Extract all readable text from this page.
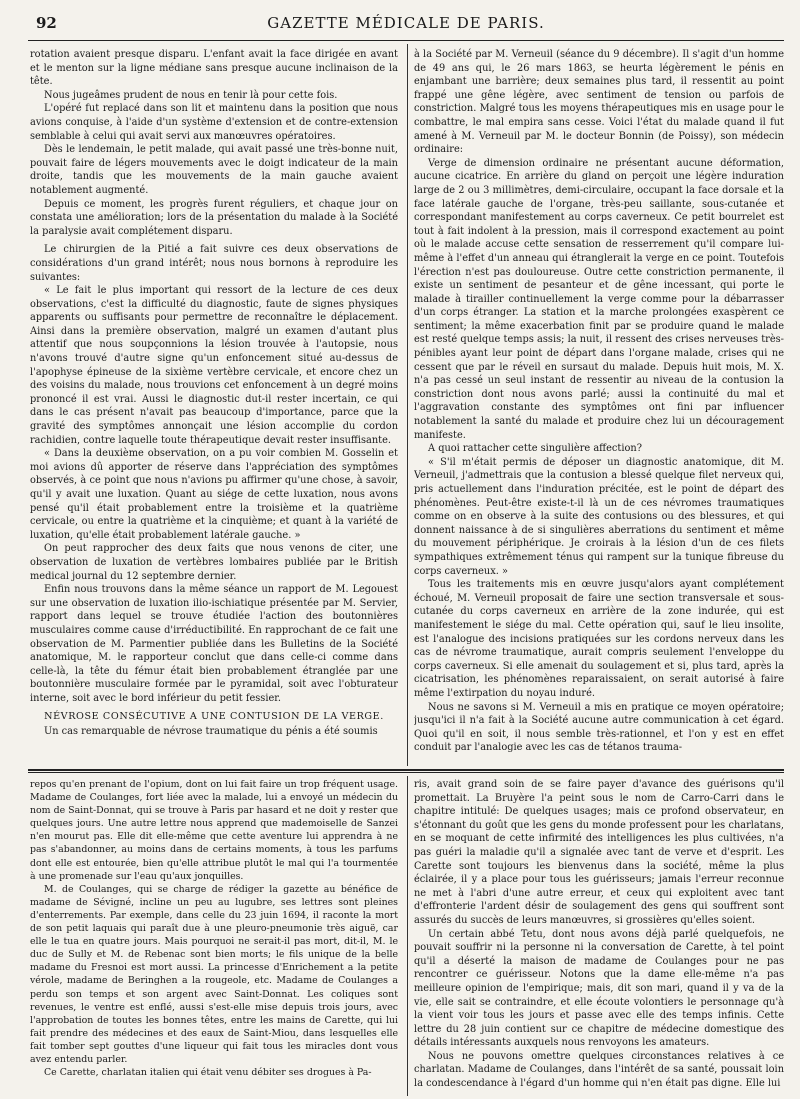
92	GAZETTE MÉDICALE DE PARIS.

rotation avaient presque disparu. L'enfant avait la face dirigée en avant et le menton sur la ligne médiane sans presque aucune inclinaison de la tête.

Nous jugeâmes prudent de nous en tenir là pour cette fois.

L'opéré fut replacé dans son lit et maintenu dans la position que nous avions conquise, à l'aide d'un système d'extension et de contre-extension semblable à celui qui avait servi aux manœuvres opératoires.

Dès le lendemain, le petit malade, qui avait passé une très-bonne nuit, pouvait faire de légers mouvements avec le doigt indicateur de la main droite, tandis que les mouvements de la main gauche avaient notablement augmenté.

Depuis ce moment, les progrès furent réguliers, et chaque jour on constata une amélioration; lors de la présentation du malade à la Société la paralysie avait complétement disparu.

Le chirurgien de la Pitié a fait suivre ces deux observations de considérations d'un grand intérêt; nous nous bornons à reproduire les suivantes:

« Le fait le plus important qui ressort de la lecture de ces deux observations, c'est la difficulté du diagnostic, faute de signes physiques apparents ou suffisants pour permettre de reconnaître le déplacement. Ainsi dans la première observation, malgré un examen d'autant plus attentif que nous soupçonnions la lésion trouvée à l'autopsie, nous n'avons trouvé d'autre signe qu'un enfoncement situé au-dessus de l'apophyse épineuse de la sixième vertèbre cervicale, et encore chez un des voisins du malade, nous trouvions cet enfoncement à un degré moins prononcé il est vrai. Aussi le diagnostic dut-il rester incertain, ce qui dans le cas présent n'avait pas beaucoup d'importance, parce que la gravité des symptômes annonçait une lésion accomplie du cordon rachidien, contre laquelle toute thérapeutique devait rester insuffisante.

« Dans la deuxième observation, on a pu voir combien M. Gosselin et moi avions dû apporter de réserve dans l'appréciation des symptômes observés, à ce point que nous n'avions pu affirmer qu'une chose, à savoir, qu'il y avait une luxation. Quant au siége de cette luxation, nous avons pensé qu'il était probablement entre la troisième et la quatrième cervicale, ou entre la quatrième et la cinquième; et quant à la variété de luxation, qu'elle était probablement latérale gauche. »

On peut rapprocher des deux faits que nous venons de citer, une observation de luxation de vertèbres lombaires publiée par le British medical journal du 12 septembre dernier.

Enfin nous trouvons dans la même séance un rapport de M. Legouest sur une observation de luxation ilio-ischiatique présentée par M. Servier, rapport dans lequel se trouve étudiée l'action des boutonnières musculaires comme cause d'irréductibilité. En rapprochant de ce fait une observation de M. Parmentier publiée dans les Bulletins de la Société anatomique, M. le rapporteur conclut que dans celle-ci comme dans celle-là, la tête du fémur était bien probablement étranglée par une boutonnière musculaire formée par le pyramidal, soit avec l'obturateur interne, soit avec le bord inférieur du petit fessier.

NÉVROSE CONSÉCUTIVE A UNE CONTUSION DE LA VERGE.

Un cas remarquable de névrose traumatique du pénis a été soumis

à la Société par M. Verneuil (séance du 9 décembre). Il s'agit d'un homme de 49 ans qui, le 26 mars 1863, se heurta légèrement le pénis en enjambant une barrière; deux semaines plus tard, il ressentit au point frappé une gêne légère, avec sentiment de tension ou parfois de constriction. Malgré tous les moyens thérapeutiques mis en usage pour le combattre, le mal empira sans cesse. Voici l'état du malade quand il fut amené à M. Verneuil par M. le docteur Bonnin (de Poissy), son médecin ordinaire:

Verge de dimension ordinaire ne présentant aucune déformation, aucune cicatrice. En arrière du gland on perçoit une légère induration large de 2 ou 3 millimètres, demi-circulaire, occupant la face dorsale et la face latérale gauche de l'organe, très-peu saillante, sous-cutanée et correspondant manifestement au corps caverneux. Ce petit bourrelet est tout à fait indolent à la pression, mais il correspond exactement au point où le malade accuse cette sensation de resserrement qu'il compare lui-même à l'effet d'un anneau qui étranglerait la verge en ce point. Toutefois l'érection n'est pas douloureuse. Outre cette constriction permanente, il existe un sentiment de pesanteur et de gêne incessant, qui porte le malade à tirailler continuellement la verge comme pour la débarrasser d'un corps étranger. La station et la marche prolongées exaspèrent ce sentiment; la même exacerbation finit par se produire quand le malade est resté quelque temps assis; la nuit, il ressent des crises nerveuses très-pénibles ayant leur point de départ dans l'organe malade, crises qui ne cessent que par le réveil en sursaut du malade. Depuis huit mois, M. X. n'a pas cessé un seul instant de ressentir au niveau de la contusion la constriction dont nous avons parlé; aussi la continuité du mal et l'aggravation constante des symptômes ont fini par influencer notablement la santé du malade et produire chez lui un découragement manifeste.

A quoi rattacher cette singulière affection?

« S'il m'était permis de déposer un diagnostic anatomique, dit M. Verneuil, j'admettrais que la contusion a blessé quelque filet nerveux qui, pris actuellement dans l'induration précitée, est le point de départ des phénomènes. Peut-être existe-t-il là un de ces névromes traumatiques comme on en observe à la suite des contusions ou des blessures, et qui donnent naissance à de si singulières aberrations du sentiment et même du mouvement périphérique. Je croirais à la lésion d'un de ces filets sympathiques extrêmement ténus qui rampent sur la tunique fibreuse du corps caverneux. »

Tous les traitements mis en œuvre jusqu'alors ayant complétement échoué, M. Verneuil proposait de faire une section transversale et sous-cutanée du corps caverneux en arrière de la zone indurée, qui est manifestement le siége du mal. Cette opération qui, sauf le lieu insolite, est l'analogue des incisions pratiquées sur les cordons nerveux dans les cas de névrome traumatique, aurait compris seulement l'enveloppe du corps caverneux. Si elle amenait du soulagement et si, plus tard, après la cicatrisation, les phénomènes reparaissaient, on serait autorisé à faire même l'extirpation du noyau induré.

Nous ne savons si M. Verneuil a mis en pratique ce moyen opératoire; jusqu'ici il n'a fait à la Société aucune autre communication à cet égard. Quoi qu'il en soit, il nous semble très-rationnel, et l'on y est en effet conduit par l'analogie avec les cas de tétanos trauma-

repos qu'en prenant de l'opium, dont on lui fait faire un trop fréquent usage. Madame de Coulanges, fort liée avec la malade, lui a envoyé un médecin du nom de Saint-Donnat, qui se trouve à Paris par hasard et ne doit y rester que quelques jours. Une autre lettre nous apprend que mademoiselle de Sanzei n'en mourut pas. Elle dit elle-même que cette aventure lui apprendra à ne pas s'abandonner, au moins dans de certains moments, à tous les parfums dont elle est entourée, bien qu'elle attribue plutôt le mal qui l'a tourmentée à une promenade sur l'eau qu'aux jonquilles.

M. de Coulanges, qui se charge de rédiger la gazette au bénéfice de madame de Sévigné, incline un peu au lugubre, ses lettres sont pleines d'enterrements. Par exemple, dans celle du 23 juin 1694, il raconte la mort de son petit laquais qui paraît due à une pleuro-pneumonie très aiguë, car elle le tua en quatre jours. Mais pourquoi ne serait-il pas mort, dit-il, M. le duc de Sully et M. de Rebenac sont bien morts; le fils unique de la belle madame du Fresnoi est mort aussi. La princesse d'Enrichement a la petite vérole, madame de Beringhen a la rougeole, etc. Madame de Coulanges a perdu son temps et son argent avec Saint-Donnat. Les coliques sont revenues, le ventre est enflé, aussi s'est-elle mise depuis trois jours, avec l'approbation de toutes les bonnes têtes, entre les mains de Carette, qui lui fait prendre des médecines et des eaux de Saint-Miou, dans lesquelles elle fait tomber sept gouttes d'une liqueur qui fait tous les miracles dont vous avez entendu parler.

Ce Carette, charlatan italien qui était venu débiter ses drogues à Pa-

ris, avait grand soin de se faire payer d'avance des guérisons qu'il promettait. La Bruyère l'a peint sous le nom de Carro-Carri dans le chapitre intitulé: De quelques usages; mais ce profond observateur, en s'étonnant du goût que les gens du monde professent pour les charlatans, en se moquant de cette infirmité des intelligences les plus cultivées, n'a pas guéri la maladie qu'il a signalée avec tant de verve et d'esprit. Les Carette sont toujours les bienvenus dans la société, même la plus éclairée, il y a place pour tous les guérisseurs; jamais l'erreur reconnue ne met à l'abri d'une autre erreur, et ceux qui exploitent avec tant d'effronterie l'ardent désir de soulagement des gens qui souffrent sont assurés du succès de leurs manœuvres, si grossières qu'elles soient.

Un certain abbé Tetu, dont nous avons déjà parlé quelquefois, ne pouvait souffrir ni la personne ni la conversation de Carette, à tel point qu'il a déserté la maison de madame de Coulanges pour ne pas rencontrer ce guérisseur. Notons que la dame elle-même n'a pas meilleure opinion de l'empirique; mais, dit son mari, quand il y va de la vie, elle sait se contraindre, et elle écoute volontiers le personnage qu'à la vient voir tous les jours et passe avec elle des temps infinis. Cette lettre du 28 juin contient sur ce chapitre de médecine domestique des détails intéressants auxquels nous renvoyons les amateurs.

Nous ne pouvons omettre quelques circonstances relatives à ce charlatan. Madame de Coulanges, dans l'intérêt de sa santé, poussait loin la condescendance à l'égard d'un homme qui n'en était pas digne. Elle lui
